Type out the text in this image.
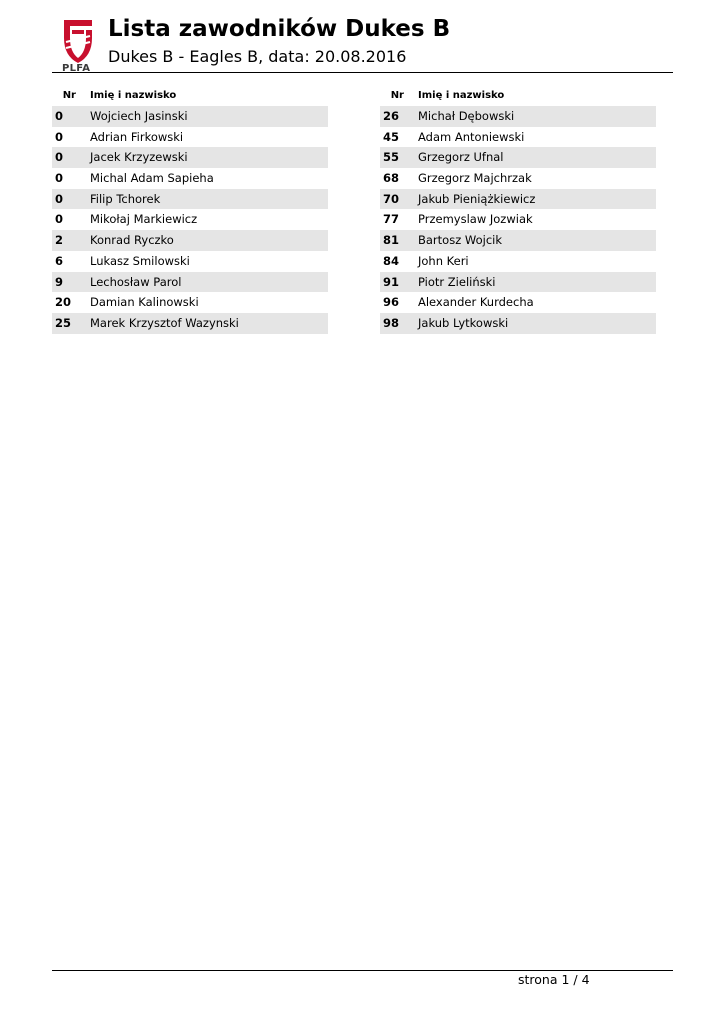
PLFA
Lista zawodników Dukes B
Dukes B - Eagles B, data: 20.08.2016
Nr Imię i nazwisko
0 Wojciech Jasinski
0 Adrian Firkowski
0 Jacek Krzyzewski
0 Michal Adam Sapieha
0 Filip Tchorek
0 Mikołaj Markiewicz
2 Konrad Ryczko
6 Lukasz Smilowski
9 Lechosław Parol
20 Damian Kalinowski
25 Marek Krzysztof Wazynski
Nr Imię i nazwisko
26 Michał Dębowski
45 Adam Antoniewski
55 Grzegorz Ufnal
68 Grzegorz Majchrzak
70 Jakub Pieniążkiewicz
77 Przemyslaw Jozwiak
81 Bartosz Wojcik
84 John Keri
91 Piotr Zieliński
96 Alexander Kurdecha
98 Jakub Lytkowski
strona 1 / 4
